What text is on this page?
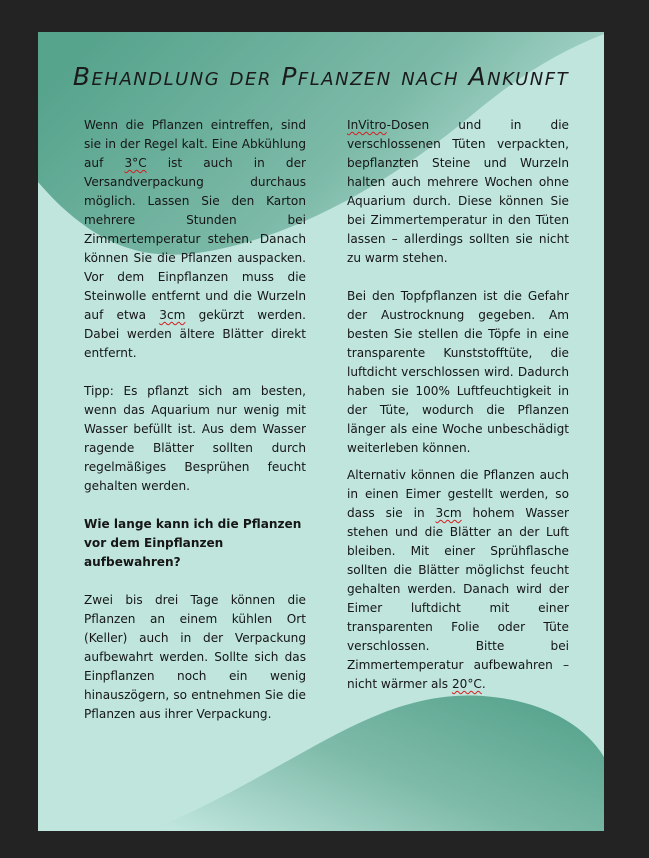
Behandlung der Pflanzen nach Ankunft

Wenn die Pflanzen eintreffen, sind sie in der Regel kalt. Eine Abkühlung auf 3°C ist auch in der Versandverpackung durchaus möglich. Lassen Sie den Karton mehrere Stunden bei Zimmertemperatur stehen. Danach können Sie die Pflanzen auspacken. Vor dem Einpflanzen muss die Steinwolle entfernt und die Wurzeln auf etwa 3cm gekürzt werden. Dabei werden ältere Blätter direkt entfernt.

Tipp: Es pflanzt sich am besten, wenn das Aquarium nur wenig mit Wasser befüllt ist. Aus dem Wasser ragende Blätter sollten durch regelmäßiges Besprühen feucht gehalten werden.

Wie lange kann ich die Pflanzen vor dem Einpflanzen aufbewahren?

Zwei bis drei Tage können die Pflanzen an einem kühlen Ort (Keller) auch in der Verpackung aufbewahrt werden. Sollte sich das Einpflanzen noch ein wenig hinauszögern, so entnehmen Sie die Pflanzen aus ihrer Verpackung.

InVitro-Dosen und in die verschlossenen Tüten verpackten, bepflanzten Steine und Wurzeln halten auch mehrere Wochen ohne Aquarium durch. Diese können Sie bei Zimmertemperatur in den Tüten lassen – allerdings sollten sie nicht zu warm stehen.

Bei den Topfpflanzen ist die Gefahr der Austrocknung gegeben. Am besten Sie stellen die Töpfe in eine transparente Kunststofftüte, die luftdicht verschlossen wird. Dadurch haben sie 100% Luftfeuchtigkeit in der Tüte, wodurch die Pflanzen länger als eine Woche unbeschädigt weiterleben können.

Alternativ können die Pflanzen auch in einen Eimer gestellt werden, so dass sie in 3cm hohem Wasser stehen und die Blätter an der Luft bleiben. Mit einer Sprühflasche sollten die Blätter möglichst feucht gehalten werden. Danach wird der Eimer luftdicht mit einer transparenten Folie oder Tüte verschlossen. Bitte bei Zimmertemperatur aufbewahren – nicht wärmer als 20°C.
